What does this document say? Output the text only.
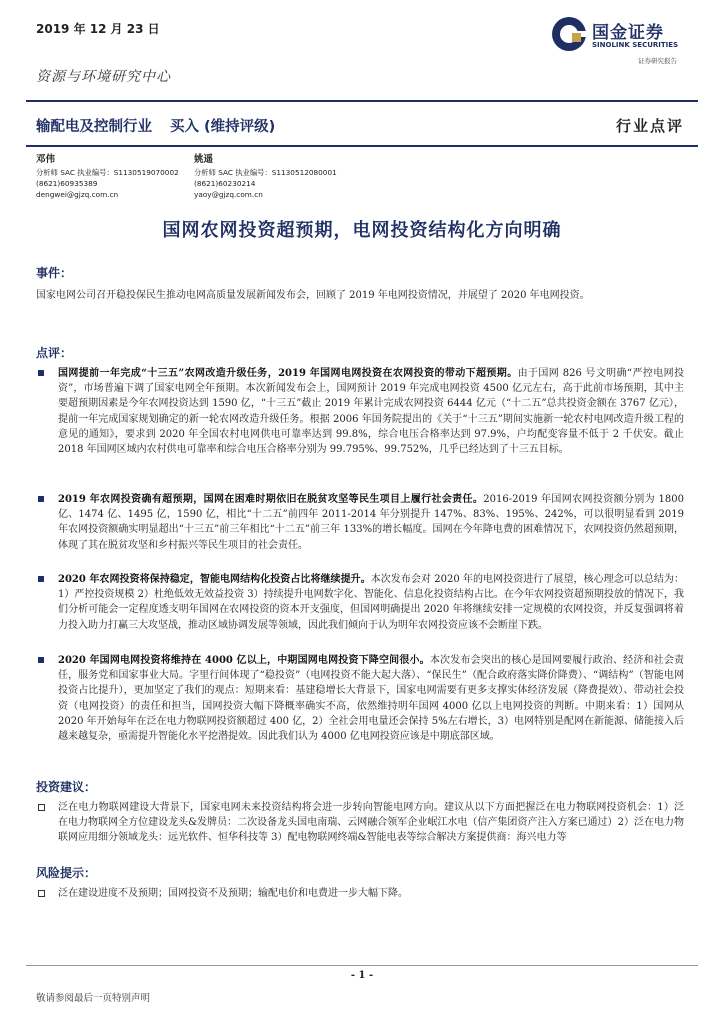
2019 年 12 月 23 日	国金证券
SINOLINK SECURITIES
证券研究报告
资源与环境研究中心
输配电及控制行业 买入 (维持评级)	行业点评
邓伟
分析师 SAC 执业编号：S1130519070002
(8621)60935389
dengwei@gjzq.com.cn
姚遥
分析师 SAC 执业编号：S1130512080001
(8621)60230214
yaoy@gjzq.com.cn
国网农网投资超预期，电网投资结构化方向明确
事件：
国家电网公司召开稳投保民生推动电网高质量发展新闻发布会，回顾了 2019 年电网投资情况，并展望了 2020 年电网投资。
点评：
国网提前一年完成“十三五”农网改造升级任务，2019 年国网电网投资在农网投资的带动下超预期。由于国网 826 号文明确“严控电网投资”，市场普遍下调了国家电网全年预期。本次新闻发布会上，国网预计 2019 年完成电网投资 4500 亿元左右，高于此前市场预期，其中主要超预期因素是今年农网投资达到 1590 亿，“十三五”截止 2019 年累计完成农网投资 6444 亿元（“十二五”总共投资金额在 3767 亿元），提前一年完成国家规划确定的新一轮农网改造升级任务。根据 2006 年国务院提出的《关于“十三五”期间实施新一轮农村电网改造升级工程的意见的通知》，要求到 2020 年全国农村电网供电可靠率达到 99.8%，综合电压合格率达到 97.9%，户均配变容量不低于 2 千伏安。截止 2018 年国网区域内农村供电可靠率和综合电压合格率分别为 99.795%、99.752%，几乎已经达到了十三五目标。
2019 年农网投资确有超预期，国网在困难时期依旧在脱贫攻坚等民生项目上履行社会责任。2016-2019 年国网农网投资额分别为 1800 亿、1474 亿、1495 亿，1590 亿，相比“十二五”前四年 2011-2014 年分别提升 147%、83%、195%、242%，可以很明显看到 2019 年农网投资额确实明显超出“十三五”前三年相比“十二五”前三年 133%的增长幅度。国网在今年降电费的困难情况下，农网投资仍然超预期，体现了其在脱贫攻坚和乡村振兴等民生项目的社会责任。
2020 年农网投资将保持稳定，智能电网结构化投资占比将继续提升。本次发布会对 2020 年的电网投资进行了展望，核心理念可以总结为：1）严控投资规模 2）杜绝低效无效益投资 3）持续提升电网数字化、智能化、信息化投资结构占比。在今年农网投资超预期投放的情况下，我们分析可能会一定程度透支明年国网在农网投资的资本开支强度，但国网明确提出 2020 年将继续安排一定规模的农网投资，并反复强调将着力投入助力打赢三大攻坚战，推动区域协调发展等领域，因此我们倾向于认为明年农网投资应该不会断崖下跌。
2020 年国网电网投资将维持在 4000 亿以上，中期国网电网投资下降空间很小。本次发布会突出的核心是国网要履行政治、经济和社会责任，服务党和国家事业大局。字里行间体现了“稳投资”（电网投资不能大起大落）、“保民生”（配合政府落实降价降费）、“调结构”（智能电网投资占比提升），更加坚定了我们的观点：短期来看：基建稳增长大背景下，国家电网需要有更多支撑实体经济发展（降费提效）、带动社会投资（电网投资）的责任和担当，国网投资大幅下降概率确实不高，依然维持明年国网 4000 亿以上电网投资的判断。中期来看：1）国网从 2020 年开始每年在泛在电力物联网投资额超过 400 亿，2）全社会用电量还会保持 5%左右增长，3）电网特别是配网在新能源、储能接入后越来越复杂，亟需提升智能化水平挖潜提效。因此我们认为 4000 亿电网投资应该是中期底部区域。
投资建议：
泛在电力物联网建设大背景下，国家电网未来投资结构将会进一步转向智能电网方向。建议从以下方面把握泛在电力物联网投资机会：1）泛在电力物联网全方位建设龙头&发牌员：二次设备龙头国电南瑞、云网融合领军企业岷江水电（信产集团资产注入方案已通过）2）泛在电力物联网应用细分领域龙头：远光软件、恒华科技等 3）配电物联网终端&智能电表等综合解决方案提供商：海兴电力等
风险提示：
泛在建设进度不及预期；国网投资不及预期；输配电价和电费进一步大幅下降。
- 1 -
敬请参阅最后一页特别声明
